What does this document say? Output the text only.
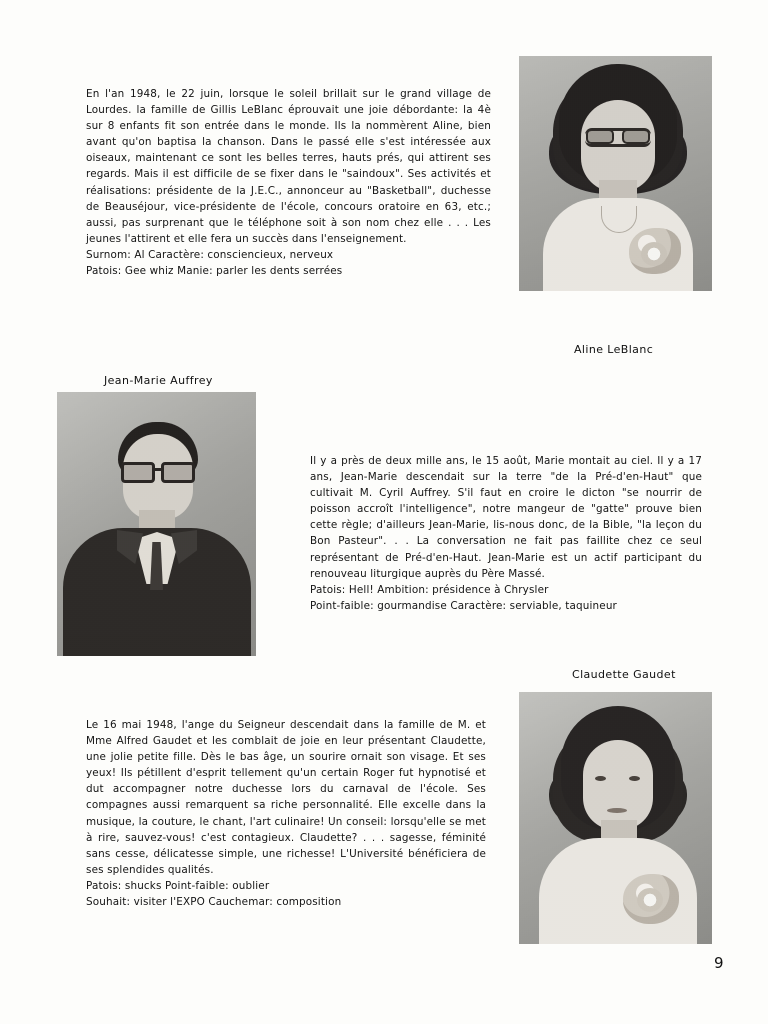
En l'an 1948, le 22 juin, lorsque le soleil brillait sur le grand village de Lourdes. la famille de Gillis LeBlanc éprouvait une joie débordante: la 4è sur 8 enfants fit son entrée dans le monde. Ils la nommèrent Aline, bien avant qu'on baptisa la chanson. Dans le passé elle s'est intéressée aux oiseaux, maintenant ce sont les belles terres, hauts prés, qui attirent ses regards. Mais il est difficile de se fixer dans le "saindoux". Ses activités et réalisations: présidente de la J.E.C., annonceur au "Basketball", duchesse de Beauséjour, vice-présidente de l'école, concours oratoire en 63, etc.; aussi, pas surprenant que le téléphone soit à son nom chez elle . . . Les jeunes l'attirent et elle fera un succès dans l'enseignement.

Surnom: Al Caractère: consciencieux, nerveux

Patois: Gee whiz Manie: parler les dents serrées

Aline LeBlanc
Jean-Marie Auffrey

Il y a près de deux mille ans, le 15 août, Marie montait au ciel. Il y a 17 ans, Jean-Marie descendait sur la terre "de la Pré-d'en-Haut" que cultivait M. Cyril Auffrey. S'il faut en croire le dicton "se nourrir de poisson accroît l'intelligence", notre mangeur de "gatte" prouve bien cette règle; d'ailleurs Jean-Marie, lis-nous donc, de la Bible, "la leçon du Bon Pasteur". . . La conversation ne fait pas faillite chez ce seul représentant de Pré-d'en-Haut. Jean-Marie est un actif participant du renouveau liturgique auprès du Père Massé.

Patois: Hell! Ambition: présidence à Chrysler

Point-faible: gourmandise Caractère: serviable, taquineur

Claudette Gaudet

Le 16 mai 1948, l'ange du Seigneur descendait dans la famille de M. et Mme Alfred Gaudet et les comblait de joie en leur présentant Claudette, une jolie petite fille. Dès le bas âge, un sourire ornait son visage. Et ses yeux! Ils pétillent d'esprit tellement qu'un certain Roger fut hypnotisé et dut accompagner notre duchesse lors du carnaval de l'école. Ses compagnes aussi remarquent sa riche personnalité. Elle excelle dans la musique, la couture, le chant, l'art culinaire! Un conseil: lorsqu'elle se met à rire, sauvez-vous! c'est contagieux. Claudette? . . . sagesse, féminité sans cesse, délicatesse simple, une richesse! L'Université bénéficiera de ses splendides qualités.

Patois: shucks Point-faible: oublier

Souhait: visiter l'EXPO Cauchemar: composition

9
